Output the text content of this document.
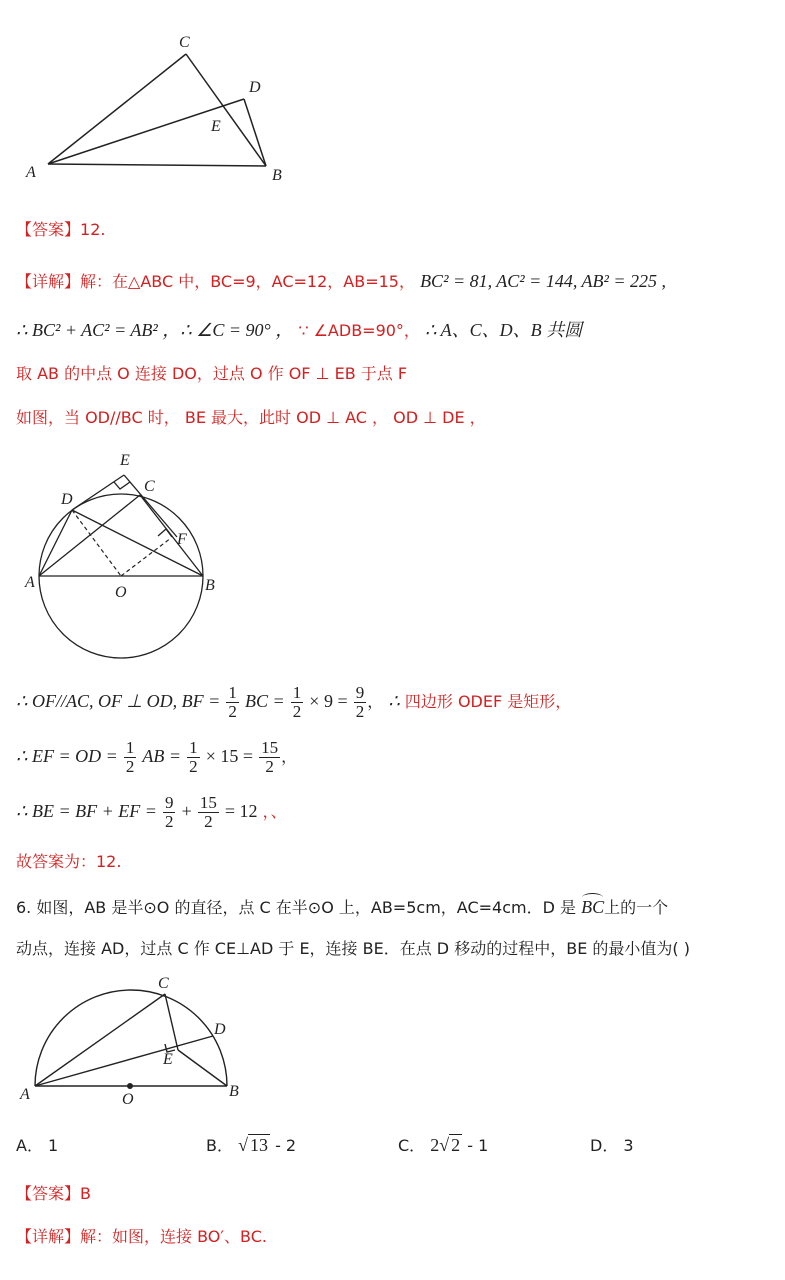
A	B
C
D
E
【答案】12.
【详解】解：在△ABC 中，BC=9，AC=12，AB=15， BC² = 81, AC² = 144, AB² = 225 ,
∴ BC² + AC² = AB² ，∴ ∠C = 90° ， ∵ ∠ADB=90°， ∴ A、C、D、B 共圆
取 AB 的中点 O 连接 DO，过点 O 作 OF ⊥ EB 于点 F
如图，当 OD//BC 时， BE 最大，此时 OD ⊥ AC ， OD ⊥ DE ，
A	B
C
D
E
F
O
∴ OF//AC, OF ⊥ OD, BF = $\frac{1}{2}$ BC = $\frac{1}{2} \times 9 = \frac{9}{2}$ ， ∴ 四边形 ODEF 是矩形，
∴ EF = OD = $\frac{1}{2}$ AB = $\frac{1}{2} \times 15 = \frac{15}{2}$ ，
∴ BE = BF + EF = $\frac{9}{2} + \frac{15}{2} = 12$ ，、
故答案为：12.
6. 如图，AB 是半⊙O 的直径，点 C 在半⊙O 上，AB=5cm，AC=4cm．D 是 BC上的一个
动点，连接 AD，过点 C 作 CE⊥AD 于 E，连接 BE．在点 D 移动的过程中，BE 的最小值为( )
A	B
C
D
E
O
A． 1	B． √ 13 - 2	C． 2√ 2 - 1	D． 3
【答案】B
【详解】解：如图，连接 BO′、BC.
